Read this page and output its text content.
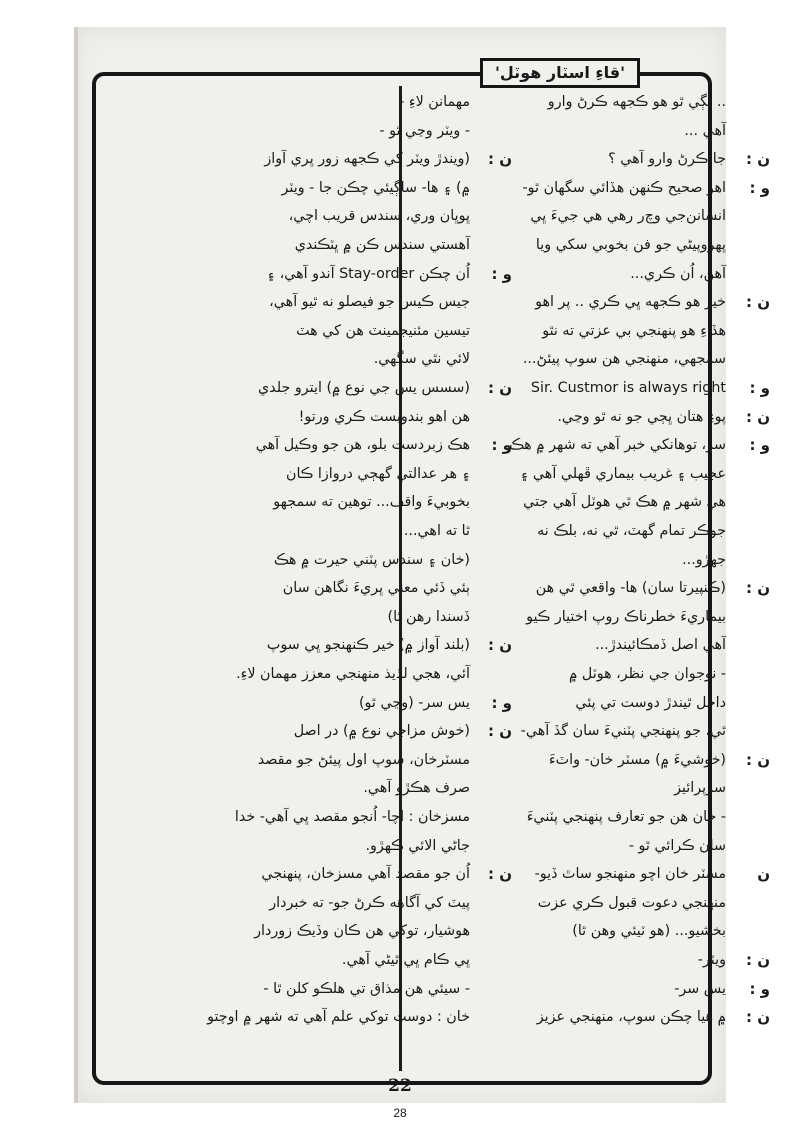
'قاءِ اسٽار هوٽل'
.. لڳي ٿو هو ڪجهه ڪرڻ وارو
آهي ...
جا ڪرڻ وارو آهي ؟
اهو صحيح ڪنهن ھڏائي سگهان ٿو-
انسانن‌جي وچ‌ر رهي هي جي‌ءَ ڀي
ڀھروپيڻي جو فن بخوبي سکي ويا
آهن، اُن ڪري...
خير هو ڪجهه ڀي ڪري .. پر اهو
ھڏاءِ هو پنهنجي بي عزتي ته نٿو
سمجهي، منهنجي هن سوپ پيئڻ...
Sir. Custmor is always right
پوءِ هتان ڀڄي جو نه ٿو وڃي.
سر، توهانکي خبر آهي ته شهر ۾ هڪ
عجيب ۽ غريب بيماري ڦهلي آهي ۽
هي شهر ۾ هڪ ٿي هوٽل آهي جتي
جوڪر تمام گهٽ، ٿي نه، بلڪ نه
جهڙو...
(ڪنپيرتا سان) ها- واقعي ٿي هن
بيماريءَ خطرناڪ روپ اختيار ڪيو
آهي اصل ڏمڪائيندڙ...
- نوجوان جي نظر، هوٽل ۾
داخل ٿيندڙ دوست تي پئي
ٿي، جو پنهنجي پٽنيءَ سان گڏ آهي-
(خوشيءَ ۾) مسٽر خان- واٽ‌ءَ
سرپرائيز
- خان هن جو تعارف پنهنجي پٽنيءَ
سان ڪرائي ٿو -
مسٽر خان اچو منهنجو ساٿ ڏيو-
منهنجي دعوت قبول ڪري عزت
بخشيو... (هو ٽيئي وهن ٿا)
ويٽر-
يس سر-
۾ هيا چڪن سوپ، منهنجي عزيز
ن :
و :
ن :
و :
ن :
و :
ن :
ن :
ن
ن :
و :
ن :
مهمانن لاءِ -
- ويٽر وڃي ٿو -
(ويندڙ ويٽر کي ڪجهه زور ڀري آواز
۾) ۽ ها- ساڳيئي چڪن جا - ويٽر
ڀوڀان وري، سندس قريب اچي،
آهستي سندس ڪن ۾ ڀٽڪندي
اُن چڪن Stay-order آندو آهي، ۽
جيس ڪيس جو فيصلو نه ٿيو آهي،
تيسين مئنيجمينٽ هن کي هٽ
لائي نٿي سگهي.
(سسس يس جي نوع ۾) ايترو جلدي
هن اهو بندوبست ڪري ورتو!
هڪ زبردست بلو، هن جو وڪيل آهي
۽ هر عدالتي گهڄي دروازا ڪان
بخوبيءَ واقف... توهين ته سمجهو
ٿا ته اهي...
(خان ۽ سندس پٽني حيرت ۾ هڪ
ٻئي ڏئي معني ڀريءَ نگاهن سان
ڏسندا رهن ٿا)
(بلند آواز ۾) خير ڪنهنجو ڀي سوپ
آئي، هجي لذيذ منهنجي معزز مهمان لاءِ.
يس سر- (وڃي ٿو)
(خوش مزاجي نوع ۾) در اصل
مسٽرخان، سوپ اول پيئڻ جو مقصد
صرف هڪڙو آهي.
مسزخان : اچا- اُنجو مقصد ڀي آهي- خدا
جاڻي الائي ڪهڙو.
اُن جو مقصد آهي مسزخان، پنهنجي
پيٽ کي آگاهه ڪرڻ جو- ته خبردار
هوشيار، توکي هن ڪان وڏيڪ زوردار
ڀي ڪام ڀي ٿيڻي آهي.
- سيئي هن مذاق تي هلڪو کلن ٿا -
خان : دوست توکي علم آهي ته شهر ۾ اوچتو
ن :
و :
ن :
و :
ن :
و :
ن :
ن :
22
28
